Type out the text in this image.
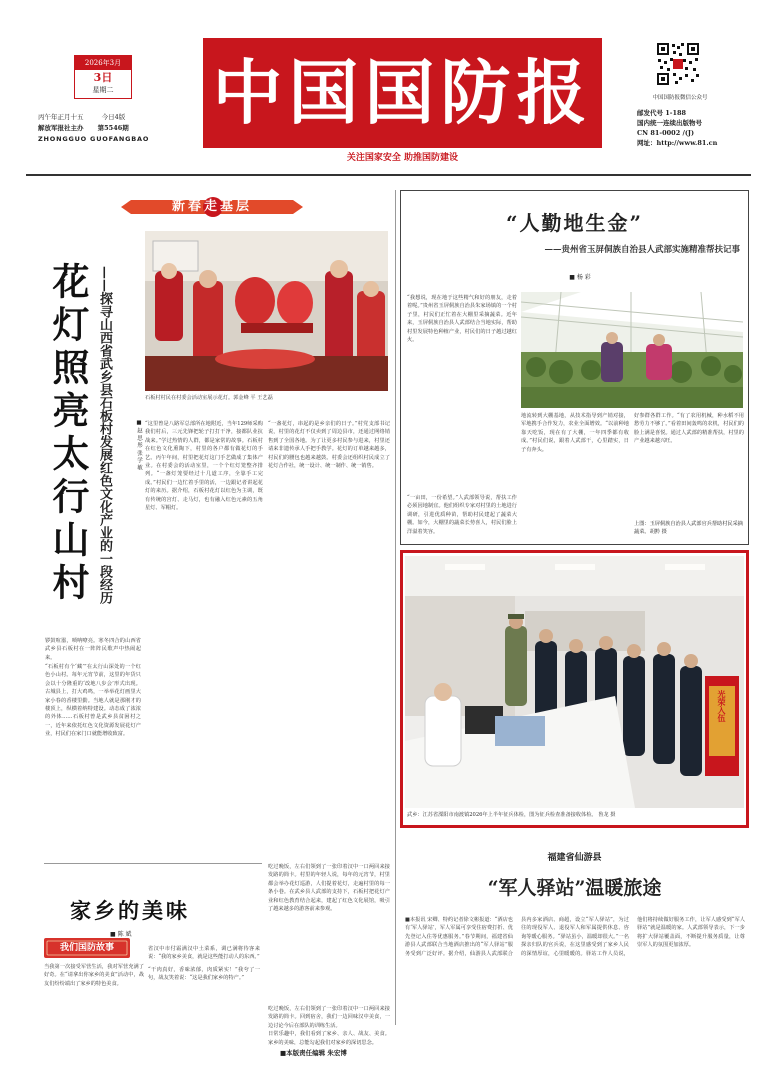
2026年3月
3日
星期二
丙午年正月十五	今日4版
解放军报社主办 第5546期
ZHONGGUO GUOFANGBAO
中国国防报
关注国家安全 助推国防建设
中国国防报微信公众号
邮发代号 1-188
国内统一连续出版物号
CN 81-0002 /(J)
网址：http://www.81.cn
新春走基层
石板村村民在村委会活动室展示花灯。郭金峰 平 王艺磊
花灯照亮太行山村 ——探寻山西省武乡县石板村发展红色文化产业的一段经历	■ 赵 思 彤 张 学 敏
锣鼓喧嚣，唢呐嘹亮。寒冬四合的山西省武乡县石板村在一阵阵民歌声中热闹起来。
“石板村有个‘藏’”在太行山深处的一个红色小山村。每年元宵节前，这里的年货只会以十分隆重的‘改地八步会’形式出现。古城县上，打大鸡鸣，一举举花灯画里大家小春的香楼里勤。当地人就是那刚才的楼顶上，纵横着纳特建设。动态成了浓浓的外体……石板村曾是武乡县贫困村之一，近年来依托红色文化资源发展花灯产业，村民们在家门口就能增收致富。
“这里曾是八路军总部所在地附近，当年129师采购我们村后，三元先锋把轮子打打干净，接都队业抗战来。”学过热情的人群，都是家常的故事。石板村在红色文化熏陶下，村里的各户都有做花灯的手艺。丙午年间，村里把花灯这门手艺做成了集体产业。在村委会的活动室里，一个个红灯笼整齐排列。“一盏灯笼要经过十几道工序，全靠手工完成。”村民们一边忙着手里的活，一边跟记者讲起花灯的来历。据介绍，石板村花灯以红色为主调，既有传统的宫灯、走马灯，也有融入红色元素的五角星灯、军帽灯。
“一盏花灯，串起的是乡亲们的日子。”村党支部书记说，村里的花灯不仅卖到了周边县市，还通过网络销售到了全国各地。为了让更多村民参与进来，村里还请来非遗传承人手把手教学。花灯的订单越来越多，村民们的腰包也越来越鼓。村委会还组织村民成立了花灯合作社，统一设计、统一制作、统一销售。
“人勤地生金”
——贵州省玉屏侗族自治县人武部实施精准帮扶记事
■ 杨 彩
“我想说，现在地于这些精气和好的朋友，走着着呢。”贵州省玉屏侗族自治县朱家场镇的一个村子里，村民们正忙着在大棚里采摘蔬菜。近年来，玉屏侗族自治县人武部结合当地实际，帮助村里发展特色种植产业，村民们的日子越过越红火。
“一亩田，一份希望。”人武部领导说，帮扶工作必须因地制宜。他们组织专家对村里的土地进行调研，引进优质种苗，帮助村民建起了蔬菜大棚。如今，大棚里的蔬菜长势喜人，村民们脸上洋溢着笑容。
地流转到大棚基地，从技术指导到产销对接，军地携手合作发力，农业全面增效。“以前种地靠天吃饭，现在有了大棚，一年四季都有收成。”村民们说，跟着人武部干，心里踏实，日子有奔头。
好参群各群工作。“有了农用机械，种水稻不用愁劳力不够了。”看着田间轰鸣的农机，村民们的脸上满是喜悦。通过人武部的精准帮扶，村里的产业越来越兴旺。
上图：玉屏侗族自治县人武部官兵帮助村民采摘蔬菜。胡黔 摄
光荣入伍
武乡：江苏省溧阳市南渡镇2026年上半年征兵体检，图为征兵检查准备接收体检。 鲁龙 摄
福建省仙游县
“军人驿站”温暖旅途
■本报讯 宋卿、特约记者徐文彬报道：“酒店也有‘军人驿站’，军人军属可享受住宿费打折、优先登记入住等优惠服务。”春节期间，福建省仙游县人武部联合当地酒店推出的“军人驿站”服务受到广泛好评。据介绍，仙游县人武部联合县内多家酒店、商超，设立“军人驿站”，为过往的现役军人、退役军人和军属提供休息、咨询等暖心服务。“驿站虽小，温暖却很大。”一名探亲归队的官兵说，在这里感受到了家乡人民的深情厚谊，心里暖暖的。驿站工作人员说，他们将持续做好服务工作，让军人感受到“军人驿站”就是温暖的家。人武部领导表示，下一步将扩大驿站覆盖面，不断提升服务质量，让尊崇军人的氛围更加浓厚。
吃过晚饭，左右们领到了一张印着汉中一口两回来接发路的简卡。村里的年轻人说，每年的元宵节，村里都会举办花灯巡游，人们提着花灯，走遍村里的每一条小巷。在武乡县人武部的支持下，石板村把花灯产业和红色教育结合起来，建起了红色文化展馆，吸引了越来越多的游客前来参观。
家乡的美味
■ 陈 斌
我们国防故事
当我第一次接受军营生活，我对军营充满了好奇。在“请拿出你家乡的美食”活动中，战友们纷纷端出了家乡的特色美食。
省汉中市付霜满汉中土菜系，调已满将待客来说：“我的家乡美食，就是这些能打动人的东西。”
“干肉真好，香味浓郁，肉质紧实！”我夸了一句，战友笑着说：“这是我们家乡的特产。”
吃过晚饭，左右们领到了一张印着汉中一口两回来接发路的简卡。回到宿舍，我们一边回味汉中美食，一边讨论今后在部队的训练生活。
日常乐趣中，我们看到了家乡、亲人、战友、美食。家乡的美味，总能勾起我们对家乡的深切思念。
■本版责任编辑 朱宏博
